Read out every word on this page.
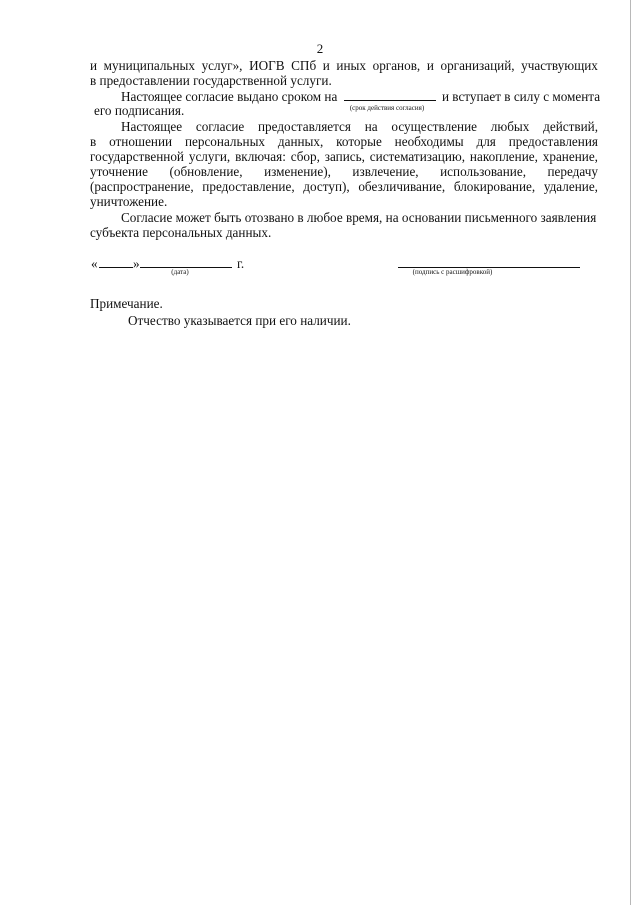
2
и муниципальных услуг», ИОГВ СПб и иных органов, и организаций, участвующих
в предоставлении государственной услуги.
Настоящее согласие выдано сроком на	и вступает в силу с момента
(срок действия согласия)
его подписания.
Настоящее согласие предоставляется на осуществление любых действий,
в отношении персональных данных, которые необходимы для предоставления
государственной услуги, включая: сбор, запись, систематизацию, накопление, хранение,
уточнение (обновление, изменение), извлечение, использование, передачу
(распространение, предоставление, доступ), обезличивание, блокирование, удаление,
уничтожение.
Согласие может быть отозвано в любое время, на основании письменного заявления
субъекта персональных данных.
«	»	г.
(дата)	(подпись с расшифровкой)
Примечание.
Отчество указывается при его наличии.
